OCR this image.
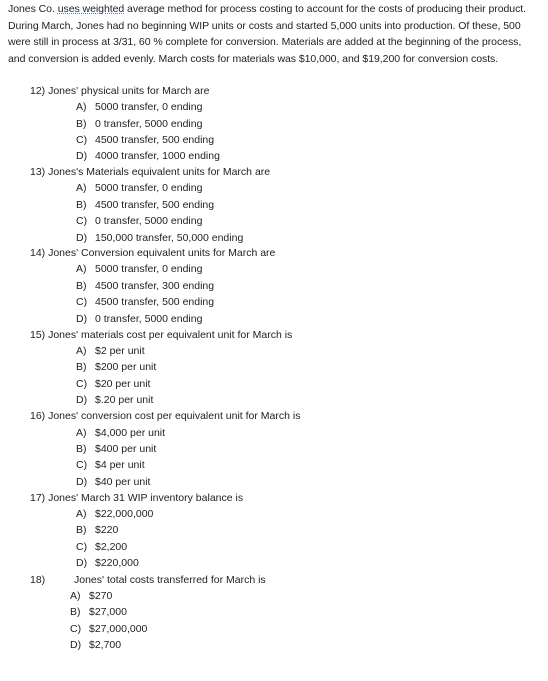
Jones Co. uses weighted average method for process costing to account for the costs of producing their product. During March, Jones had no beginning WIP units or costs and started 5,000 units into production. Of these, 500 were still in process at 3/31, 60 % complete for conversion. Materials are added at the beginning of the process, and conversion is added evenly. March costs for materials was $10,000, and $19,200 for conversion costs.
12) Jones' physical units for March are
A) 5000 transfer, 0 ending
B) 0 transfer, 5000 ending
C) 4500 transfer, 500 ending
D) 4000 transfer, 1000 ending
13) Jones's Materials equivalent units for March are
A) 5000 transfer, 0 ending
B) 4500 transfer, 500 ending
C) 0 transfer, 5000 ending
D) 150,000 transfer, 50,000 ending
14) Jones' Conversion equivalent units for March are
A) 5000 transfer, 0 ending
B) 4500 transfer, 300 ending
C) 4500 transfer, 500 ending
D) 0 transfer, 5000 ending
15) Jones' materials cost per equivalent unit for March is
A) $2 per unit
B) $200 per unit
C) $20 per unit
D) $.20 per unit
16) Jones' conversion cost per equivalent unit for March is
A) $4,000 per unit
B) $400 per unit
C) $4 per unit
D) $40 per unit
17) Jones' March 31 WIP inventory balance is
A) $22,000,000
B) $220
C) $2,200
D) $220,000
18)	Jones' total costs transferred for March is
A) $270
B) $27,000
C) $27,000,000
D) $2,700
